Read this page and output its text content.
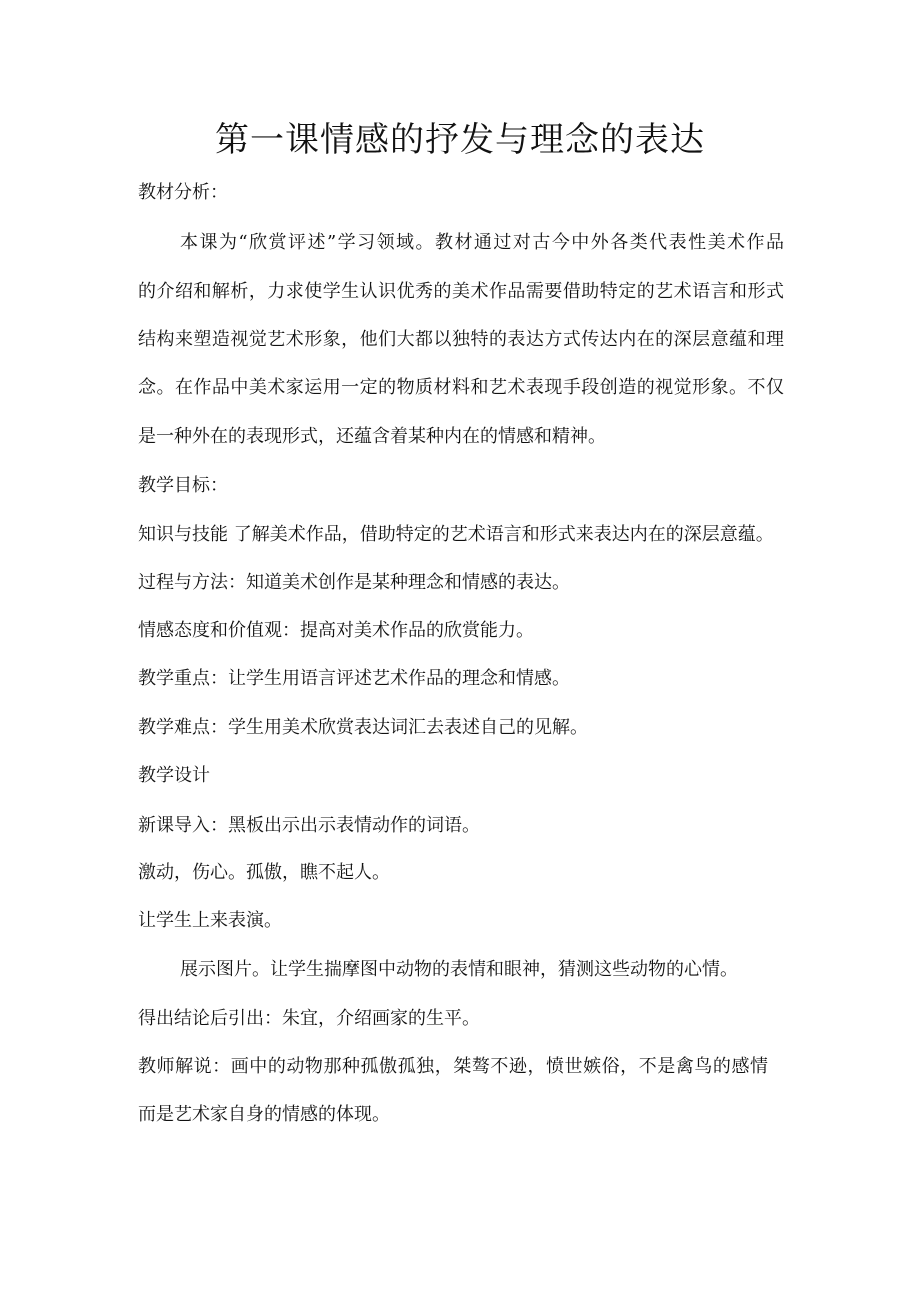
第一课情感的抒发与理念的表达
教材分析：
本课为“欣赏评述”学习领域。教材通过对古今中外各类代表性美术作品
的介绍和解析，力求使学生认识优秀的美术作品需要借助特定的艺术语言和形式
结构来塑造视觉艺术形象，他们大都以独特的表达方式传达内在的深层意蕴和理
念。在作品中美术家运用一定的物质材料和艺术表现手段创造的视觉形象。不仅
是一种外在的表现形式，还蕴含着某种内在的情感和精神。
教学目标：
知识与技能 了解美术作品，借助特定的艺术语言和形式来表达内在的深层意蕴。
过程与方法：知道美术创作是某种理念和情感的表达。
情感态度和价值观：提高对美术作品的欣赏能力。
教学重点：让学生用语言评述艺术作品的理念和情感。
教学难点：学生用美术欣赏表达词汇去表述自己的见解。
教学设计
新课导入：黑板出示出示表情动作的词语。
激动，伤心。孤傲，瞧不起人。
让学生上来表演。
展示图片。让学生揣摩图中动物的表情和眼神，猜测这些动物的心情。
得出结论后引出：朱宜，介绍画家的生平。
教师解说：画中的动物那种孤傲孤独，桀骜不逊，愤世嫉俗，不是禽鸟的感情
而是艺术家自身的情感的体现。
